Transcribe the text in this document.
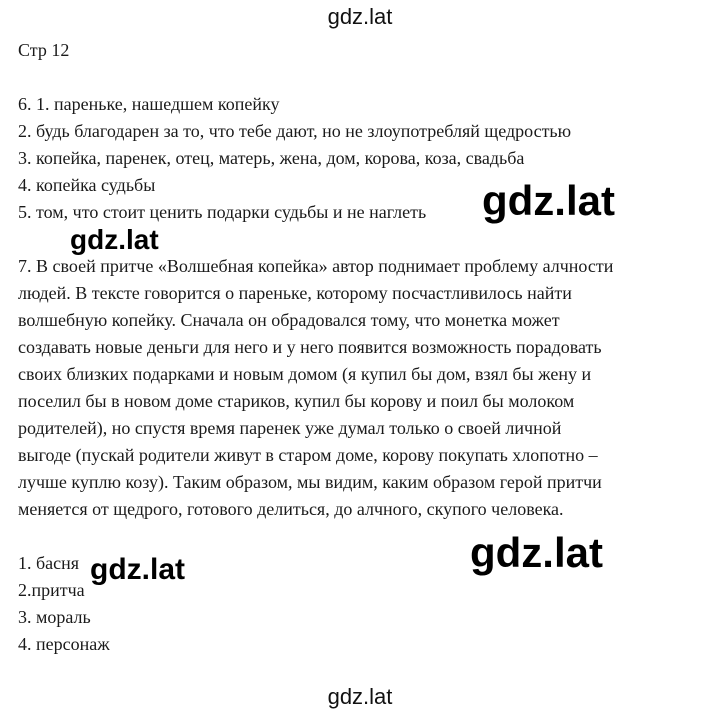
gdz.lat
Стр 12
6. 1. пареньке, нашедшем копейку
2. будь благодарен за то, что тебе дают, но не злоупотребляй щедростью
3. копейка, паренек, отец, матерь, жена, дом, корова, коза, свадьба
4. копейка судьбы
5. том, что стоит ценить подарки судьбы и не наглеть
7. В своей притче «Волшебная копейка» автор поднимает проблему алчности
людей. В тексте говорится о пареньке, которому посчастливилось найти
волшебную копейку. Сначала он обрадовался тому, что монетка может
создавать новые деньги для него и у него появится возможность порадовать
своих близких подарками и новым домом (я купил бы дом, взял бы жену и
поселил бы в новом доме стариков, купил бы корову и поил бы молоком
родителей), но спустя время паренек уже думал только о своей личной
выгоде (пускай родители живут в старом доме, корову покупать хлопотно –
лучше куплю козу). Таким образом, мы видим, каким образом герой притчи
меняется от щедрого, готового делиться, до алчного, скупого человека.
1. басня
2.притча
3. мораль
4. персонаж
gdz.lat
gdz.lat
gdz.lat
gdz.lat
gdz.lat
